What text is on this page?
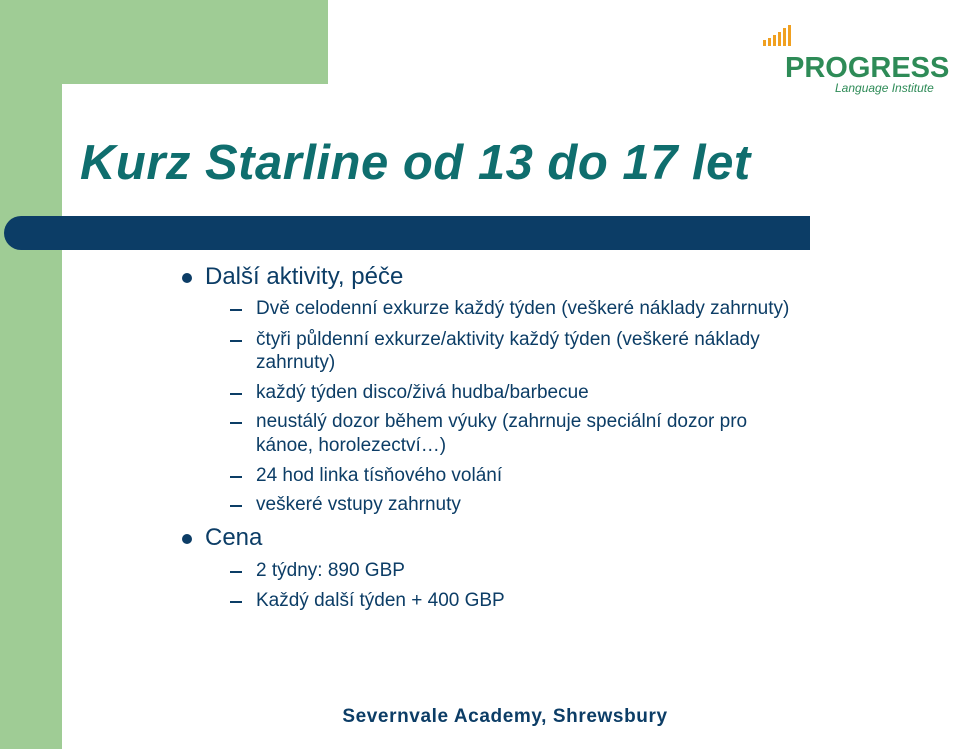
PROGRESS
Language Institute
Kurz Starline od 13 do 17 let
Další aktivity, péče
Dvě celodenní exkurze každý týden (veškeré náklady zahrnuty)
čtyři půldenní exkurze/aktivity každý týden (veškeré náklady
zahrnuty)
každý týden disco/živá hudba/barbecue
neustálý dozor během výuky (zahrnuje speciální dozor pro
kánoe, horolezectví…)
24 hod linka tísňového volání
veškeré vstupy zahrnuty
Cena
2 týdny: 890 GBP
Každý další týden + 400 GBP
Severnvale Academy, Shrewsbury
